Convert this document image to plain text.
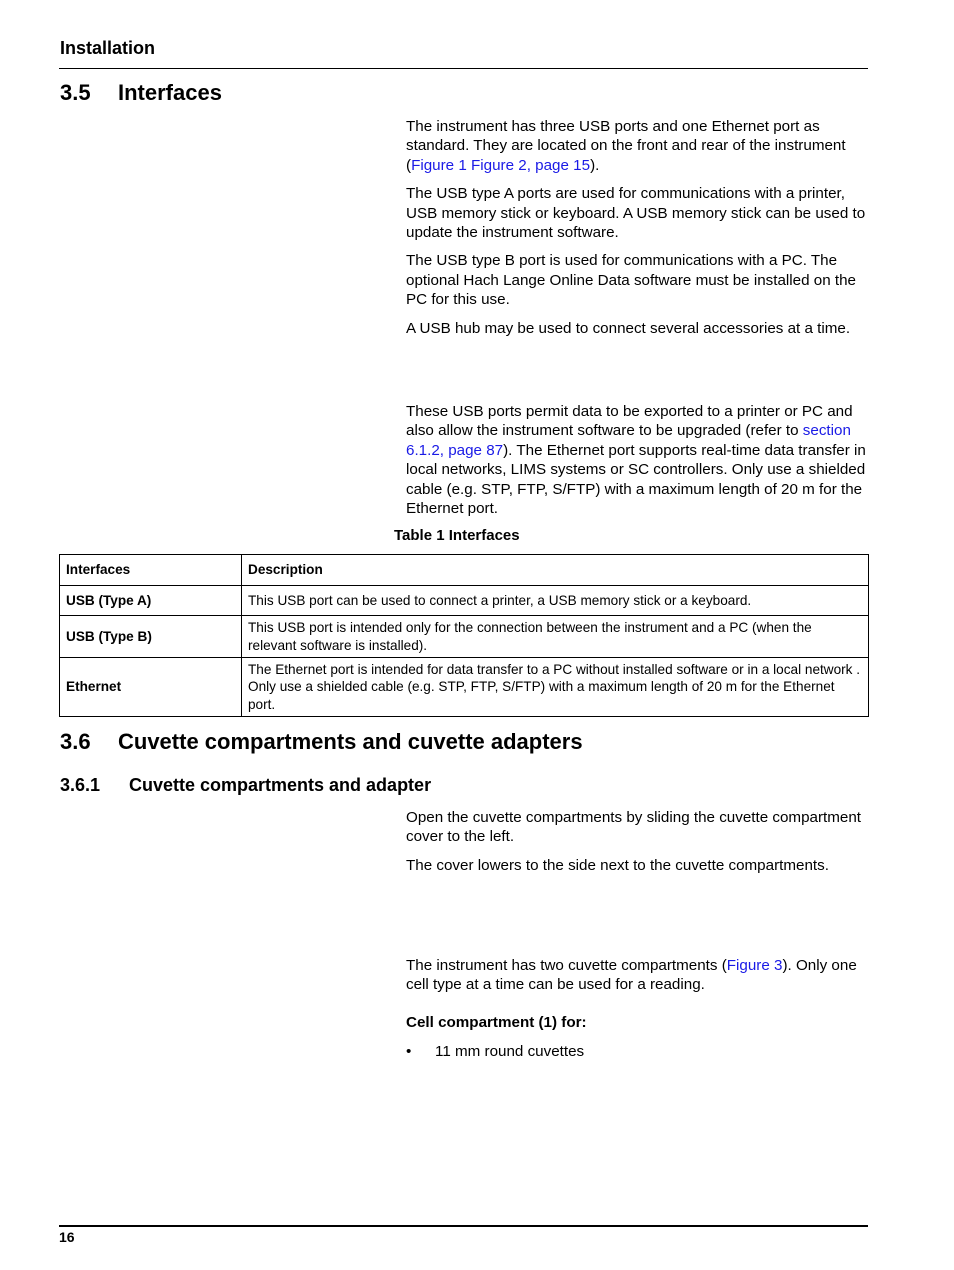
Installation
3.5 Interfaces

The instrument has three USB ports and one Ethernet port as standard. They are located on the front and rear of the instrument (Figure 1 Figure 2, page 15).

The USB type A ports are used for communications with a printer, USB memory stick or keyboard. A USB memory stick can be used to update the instrument software.

The USB type B port is used for communications with a PC. The optional Hach Lange Online Data software must be installed on the PC for this use.

A USB hub may be used to connect several accessories at a time.

These USB ports permit data to be exported to a printer or PC and also allow the instrument software to be upgraded (refer to section 6.1.2, page 87). The Ethernet port supports real-time data transfer in local networks, LIMS systems or SC controllers. Only use a shielded cable (e.g. STP, FTP, S/FTP) with a maximum length of 20 m for the Ethernet port.

Table 1 Interfaces
Interfaces	Description
USB (Type A)	This USB port can be used to connect a printer, a USB memory stick or a keyboard.
USB (Type B)	This USB port is intended only for the connection between the instrument and a PC (when the relevant software is installed).
Ethernet	The Ethernet port is intended for data transfer to a PC without installed software or in a local network . Only use a shielded cable (e.g. STP, FTP, S/FTP) with a maximum length of 20 m for the Ethernet port.
3.6 Cuvette compartments and cuvette adapters
3.6.1 Cuvette compartments and adapter

Open the cuvette compartments by sliding the cuvette compartment cover to the left.

The cover lowers to the side next to the cuvette compartments.

The instrument has two cuvette compartments (Figure 3). Only one cell type at a time can be used for a reading.

Cell compartment (1) for:

•	11 mm round cuvettes
16
